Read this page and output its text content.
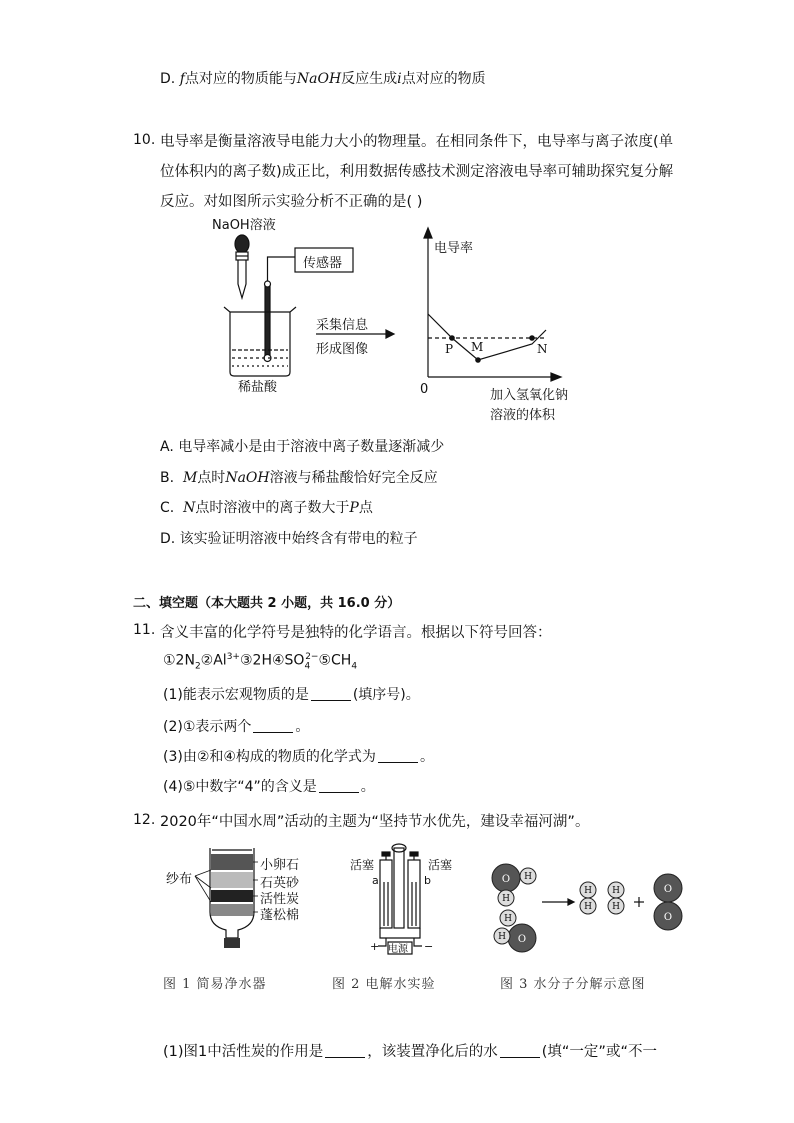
D. f点对应的物质能与NaOH反应生成i点对应的物质
10. 电导率是衡量溶液导电能力大小的物理量。在相同条件下，电导率与离子浓度(单
位体积内的离子数)成正比，利用数据传感技术测定溶液电导率可辅助探究复分解
反应。对如图所示实验分析不正确的是( )
NaOH溶液
传感器
稀盐酸
采集信息
形成图像
电导率
0	加入氢氧化钠
溶液的体积
P M	N
A. 电导率减小是由于溶液中离子数量逐渐减少
B. M点时NaOH溶液与稀盐酸恰好完全反应
C. N点时溶液中的离子数大于P点
D. 该实验证明溶液中始终含有带电的粒子
二、填空题（本大题共 2 小题，共 16.0 分）
11. 含义丰富的化学符号是独特的化学语言。根据以下符号回答：
$①2N_2②Al^{3+}③2H④SO_4^{2-}⑤CH_4$
(1)能表示宏观物质的是	(填序号)。
(2)①表示两个	。
(3)由②和④构成的物质的化学式为	。
(4)⑤中数字“4”的含义是	。
12. 2020年“中国水周”活动的主题为“坚持节水优先，建设幸福河湖”。
纱布
小卵石
石英砂
活性炭
蓬松棉
活塞	活塞
a	b
电源
+	−
O
O
O
O
H
H
H
H
H
H
H
H
图 1 简易净水器	图 2 电解水实验	图 3 水分子分解示意图
(1)图1中活性炭的作用是	，该装置净化后的水	(填“一定”或“不一
